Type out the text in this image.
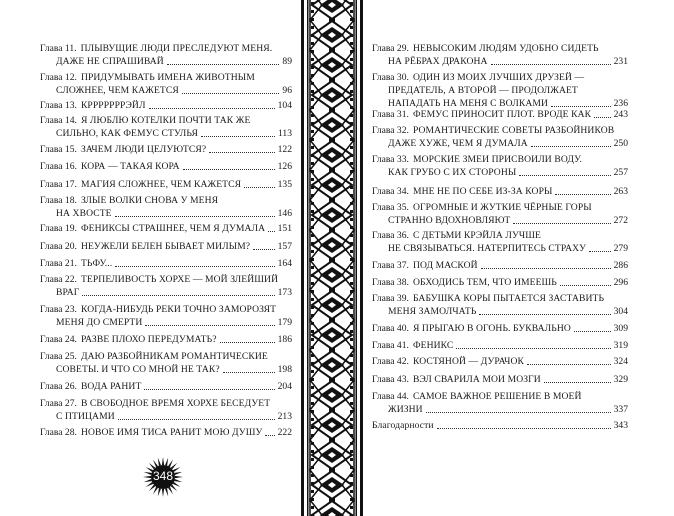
Глава 11. ПЛЫВУЩИЕ ЛЮДИ ПРЕСЛЕДУЮТ МЕНЯ.
ДАЖЕ НЕ СПРАШИВАЙ	89
Глава 12. ПРИДУМЫВАТЬ ИМЕНА ЖИВОТНЫМ
СЛОЖНЕЕ, ЧЕМ КАЖЕТСЯ	96
Глава 13. КРРРРРРРЭЙЛ	104
Глава 14. Я ЛЮБЛЮ КОТЕЛКИ ПОЧТИ ТАК ЖЕ
СИЛЬНО, КАК ФЕМУС СТУЛЬЯ	113
Глава 15. ЗАЧЕМ ЛЮДИ ЦЕЛУЮТСЯ?	122
Глава 16. КОРА — ТАКАЯ КОРА	126
Глава 17. МАГИЯ СЛОЖНЕЕ, ЧЕМ КАЖЕТСЯ	135
Глава 18. ЗЛЫЕ ВОЛКИ СНОВА У МЕНЯ
НА ХВОСТЕ	146
Глава 19. ФЕНИКСЫ СТРАШНЕЕ, ЧЕМ Я ДУМАЛА 151
Глава 20. НЕУЖЕЛИ БЕЛЕН БЫВАЕТ МИЛЫМ?	157
Глава 21. ТЬФУ...	164
Глава 22. ТЕРПЕЛИВОСТЬ ХОРХЕ — МОЙ ЗЛЕЙШИЙ
ВРАГ	173
Глава 23. КОГДА-НИБУДЬ РЕКИ ТОЧНО ЗАМОРОЗЯТ
МЕНЯ ДО СМЕРТИ	179
Глава 24. РАЗВЕ ПЛОХО ПЕРЕДУМАТЬ?	186
Глава 25. ДАЮ РАЗБОЙНИКАМ РОМАНТИЧЕСКИЕ
СОВЕТЫ. И ЧТО СО МНОЙ НЕ ТАК?	198
Глава 26. ВОДА РАНИТ	204
Глава 27. В СВОБОДНОЕ ВРЕМЯ ХОРХЕ БЕСЕДУЕТ
С ПТИЦАМИ	213
Глава 28. НОВОЕ ИМЯ ТИСА РАНИТ МОЮ ДУШУ 222
Глава 29. НЕВЫСОКИМ ЛЮДЯМ УДОБНО СИДЕТЬ
НА РЁБРАХ ДРАКОНА	231
Глава 30. ОДИН ИЗ МОИХ ЛУЧШИХ ДРУЗЕЙ —
ПРЕДАТЕЛЬ, А ВТОРОЙ — ПРОДОЛЖАЕТ
НАПАДАТЬ НА МЕНЯ С ВОЛКАМИ	236
Глава 31. ФЕМУС ПРИНОСИТ ПЛОТ. ВРОДЕ КАК 243
Глава 32. РОМАНТИЧЕСКИЕ СОВЕТЫ РАЗБОЙНИКОВ
ДАЖЕ ХУЖЕ, ЧЕМ Я ДУМАЛА	250
Глава 33. МОРСКИЕ ЗМЕИ ПРИСВОИЛИ ВОДУ.
КАК ГРУБО С ИХ СТОРОНЫ	257
Глава 34. МНЕ НЕ ПО СЕБЕ ИЗ-ЗА КОРЫ	263
Глава 35. ОГРОМНЫЕ И ЖУТКИЕ ЧЁРНЫЕ ГОРЫ
СТРАННО ВДОХНОВЛЯЮТ	272
Глава 36. С ДЕТЬМИ КРЭЙЛА ЛУЧШЕ
НЕ СВЯЗЫВАТЬСЯ. НАТЕРПИТЕСЬ СТРАХУ	279
Глава 37. ПОД МАСКОЙ	286
Глава 38. ОБХОДИСЬ ТЕМ, ЧТО ИМЕЕШЬ	296
Глава 39. БАБУШКА КОРЫ ПЫТАЕТСЯ ЗАСТАВИТЬ
МЕНЯ ЗАМОЛЧАТЬ	304
Глава 40. Я ПРЫГАЮ В ОГОНЬ. БУКВАЛЬНО	309
Глава 41. ФЕНИКС	319
Глава 42. КОСТЯНОЙ — ДУРАЧОК	324
Глава 43. ВЭЛ СВАРИЛА МОИ МОЗГИ	329
Глава 44. САМОЕ ВАЖНОЕ РЕШЕНИЕ В МОЕЙ
ЖИЗНИ	337
Благодарности	343
348
